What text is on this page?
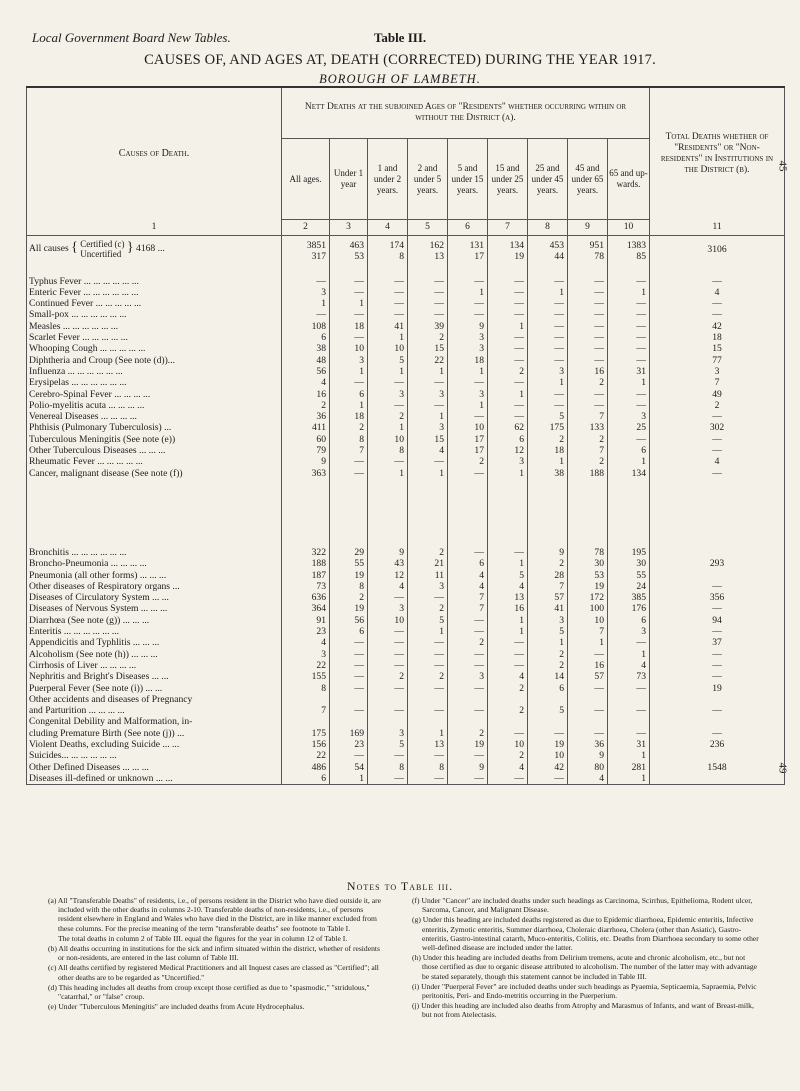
Local Government Board New Tables.	Table III.
CAUSES OF, AND AGES AT, DEATH (CORRECTED) DURING THE YEAR 1917.
BOROUGH OF LAMBETH.
45
49
Causes of Death.	Nett Deaths at the subjoined Ages of "Residents" whether occurring within or without the District (a).									Total Deaths whether of "Residents" or "Non-residents" in Institutions in the District (b).
	All ages.	Under 1 year	1 and under 2 years.	2 and under 5 years.	5 and under 15 years.	15 and under 25 years.	25 and under 45 years.	45 and under 65 years.	65 and up-wards.	
1	2	3	4	5	6	7	8	9	10	11
All causes { Certified (c)
Uncertified } 4168 ...	3851	463	174	162	131	134	453	951	1383	3106
	317	53	8	13	17	19	44	78	85	

Typhus Fever ... ... ... ... ... ...	—	—	—	—	—	—	—	—	—	—
Enteric Fever ... ... ... ... ... ...	3	—	—	—	1	—	1	—	1	4
Continued Fever ... ... ... ... ...	1	1	—	—	—	—	—	—	—	—
Small-pox ... ... ... ... ... ...	—	—	—	—	—	—	—	—	—	—
Measles ... ... ... ... ... ...	108	18	41	39	9	1	—	—	—	42
Scarlet Fever ... ... ... ... ...	6	—	1	2	3	—	—	—	—	18
Whooping Cough ... ... ... ... ...	38	10	10	15	3	—	—	—	—	15
Diphtheria and Croup (See note (d))...	48	3	5	22	18	—	—	—	—	77
Influenza ... ... ... ... ... ...	56	1	1	1	1	2	3	16	31	3
Erysipelas ... ... ... ... ... ...	4	—	—	—	—	—	1	2	1	7
Cerebro-Spinal Fever ... ... ... ...	16	6	3	3	3	1	—	—	—	49
Polio-myelitis acuta ... ... ... ...	2	1	—	—	1	—	—	—	—	2
Venereal Diseases ... ... ... ...	36	18	2	1	—	—	5	7	3	—
Phthisis (Pulmonary Tuberculosis) ...	411	2	1	3	10	62	175	133	25	302
Tuberculous Meningitis (See note (e))	60	8	10	15	17	6	2	2	—	—
Other Tuberculous Diseases ... ... ...	79	7	8	4	17	12	18	7	6	—
Rheumatic Fever ... ... ... ... ...	9	—	—	—	2	3	1	2	1	4
Cancer, malignant disease (See note (f))	363	—	1	1	—	1	38	188	134	—

Bronchitis ... ... ... ... ... ...	322	29	9	2	—	—	9	78	195	
Broncho-Pneumonia ... ... ... ...	188	55	43	21	6	1	2	30	30	293
Pneumonia (all other forms) ... ... ...	187	19	12	11	4	5	28	53	55	
Other diseases of Respiratory organs ...	73	8	4	3	4	4	7	19	24	—
Diseases of Circulatory System ... ...	636	2	—	—	7	13	57	172	385	356
Diseases of Nervous System ... ... ...	364	19	3	2	7	16	41	100	176	—
Diarrhœa (See note (g)) ... ... ...	91	56	10	5	—	1	3	10	6	94
Enteritis ... ... ... ... ... ...	23	6	—	1	—	1	5	7	3	—
Appendicitis and Typhlitis ... ... ...	4	—	—	—	2	—	1	1	—	37
Alcoholism (See note (h)) ... ... ...	3	—	—	—	—	—	2	—	1	—
Cirrhosis of Liver ... ... ... ...	22	—	—	—	—	—	2	16	4	—
Nephritis and Bright's Diseases ... ...	155	—	2	2	3	4	14	57	73	—
Puerperal Fever (See note (i)) ... ...	8	—	—	—	—	2	6	—	—	19
Other accidents and diseases of Pregnancy										
and Parturition ... ... ... ...	7	—	—	—	—	2	5	—	—	—
Congenital Debility and Malformation, in-										
cluding Premature Birth (See note (j)) ...	175	169	3	1	2	—	—	—	—	—
Violent Deaths, excluding Suicide ... ...	156	23	5	13	19	10	19	36	31	236
Suicides... ... ... ... ... ...	22	—	—	—	—	2	10	9	1	
Other Defined Diseases ... ... ...	486	54	8	8	9	4	42	80	281	1548
Diseases ill-defined or unknown ... ...	6	1	—	—	—	—	—	4	1	
Notes to Table iii.

(a) All "Transferable Deaths" of residents, i.e., of persons resident in the District who have died outside it, are included with the other deaths in columns 2-10. Transferable deaths of non-residents, i.e., of persons resident elsewhere in England and Wales who have died in the District, are in like manner excluded from these columns. For the precise meaning of the term "transferable deaths" see footnote to Table I.

The total deaths in column 2 of Table III. equal the figures for the year in column 12 of Table I.

(b) All deaths occurring in institutions for the sick and infirm situated within the district, whether of residents or non-residents, are entered in the last column of Table III.

(c) All deaths certified by registered Medical Practitioners and all Inquest cases are classed as "Certified"; all other deaths are to be regarded as "Uncertified."

(d) This heading includes all deaths from croup except those certified as due to "spasmodic," "stridulous," "catarrhal," or "false" croup.

(e) Under "Tuberculous Meningitis" are included deaths from Acute Hydrocephalus.

(f) Under "Cancer" are included deaths under such headings as Carcinoma, Scirrhus, Epithelioma, Rodent ulcer, Sarcoma, Cancer, and Malignant Disease.

(g) Under this heading are included deaths registered as due to Epidemic diarrhoea, Epidemic enteritis, Infective enteritis, Zymotic enteritis, Summer diarrhoea, Choleraic diarrhoea, Cholera (other than Asiatic), Gastro-enteritis, Gastro-intestinal catarrh, Muco-enteritis, Colitis, etc. Deaths from Diarrhoea secondary to some other well-defined disease are included under the latter.

(h) Under this heading are included deaths from Delirium tremens, acute and chronic alcoholism, etc., but not those certified as due to organic disease attributed to alcoholism. The number of the latter may with advantage be stated separately, though this statement cannot be included in Table III.

(i) Under "Puerperal Fever" are included deaths under such headings as Pyaemia, Septicaemia, Sapraemia, Pelvic peritonitis, Peri- and Endo-metritis occurring in the Puerperium.

(j) Under this heading are included also deaths from Atrophy and Marasmus of Infants, and want of Breast-milk, but not from Atelectasis.
